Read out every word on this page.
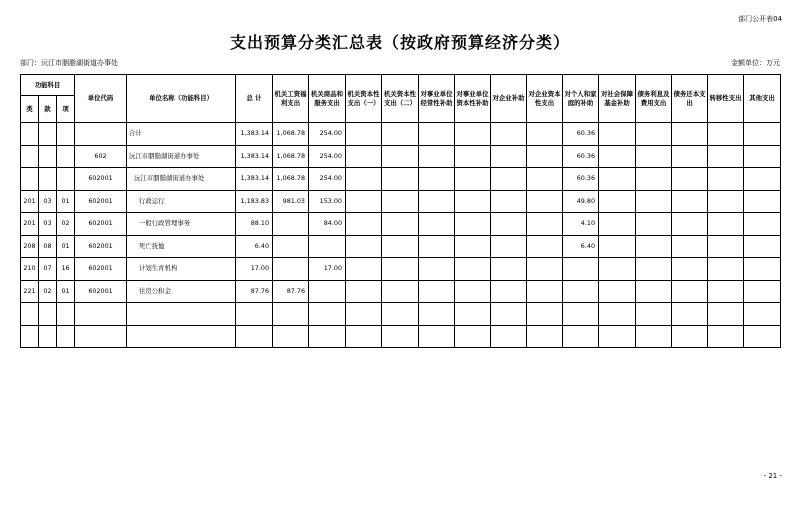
部门公开表04
支出预算分类汇总表（按政府预算经济分类）
部门：沅江市胭脂湖街道办事处	金额单位：万元
功能科目			单位代码	单位名称（功能科目）	总 计	机关工资福利支出	机关商品和服务支出	机关资本性支出（一）	机关资本性支出（二）	对事业单位经常性补助	对事业单位资本性补助	对企业补助	对企业资本性支出	对个人和家庭的补助	对社会保障基金补助	债务利息及费用支出	债务还本支出	转移性支出	其他支出
类	款	项																	
				合计	1,383.14	1,068.78	254.00							60.36					
			602	沅江市胭脂湖街道办事处	1,383.14	1,068.78	254.00							60.36					
			602001	沅江市胭脂湖街道办事处	1,383.14	1,068.78	254.00							60.36					
201	03	01	602001	行政运行	1,183.83	981.03	153.00							49.80					
201	03	02	602001	一般行政管理事务	88.10		84.00							4.10					
208	08	01	602001	死亡抚恤	6.40									6.40					
210	07	16	602001	计划生育机构	17.00		17.00												
221	02	01	602001	住房公积金	87.76	87.76													

- 21 -
